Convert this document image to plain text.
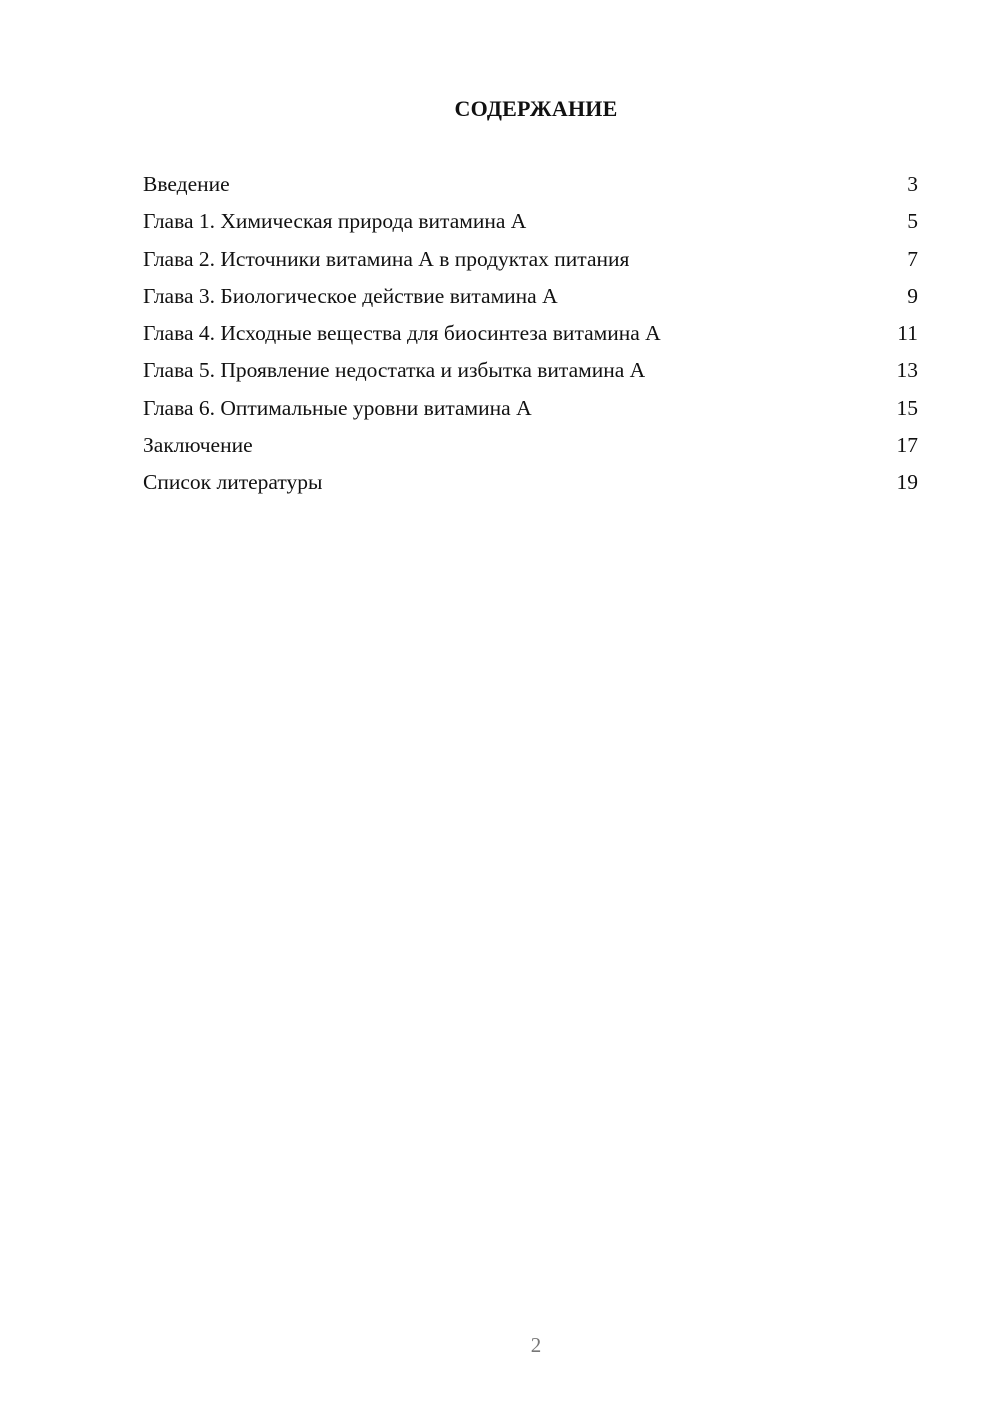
СОДЕРЖАНИЕ
Введение	3
Глава 1. Химическая природа витамина А	5
Глава 2. Источники витамина А в продуктах питания	7
Глава 3. Биологическое действие витамина А	9
Глава 4. Исходные вещества для биосинтеза витамина А	11
Глава 5. Проявление недостатка и избытка витамина А	13
Глава 6. Оптимальные уровни витамина А	15
Заключение	17
Список литературы	19
2
